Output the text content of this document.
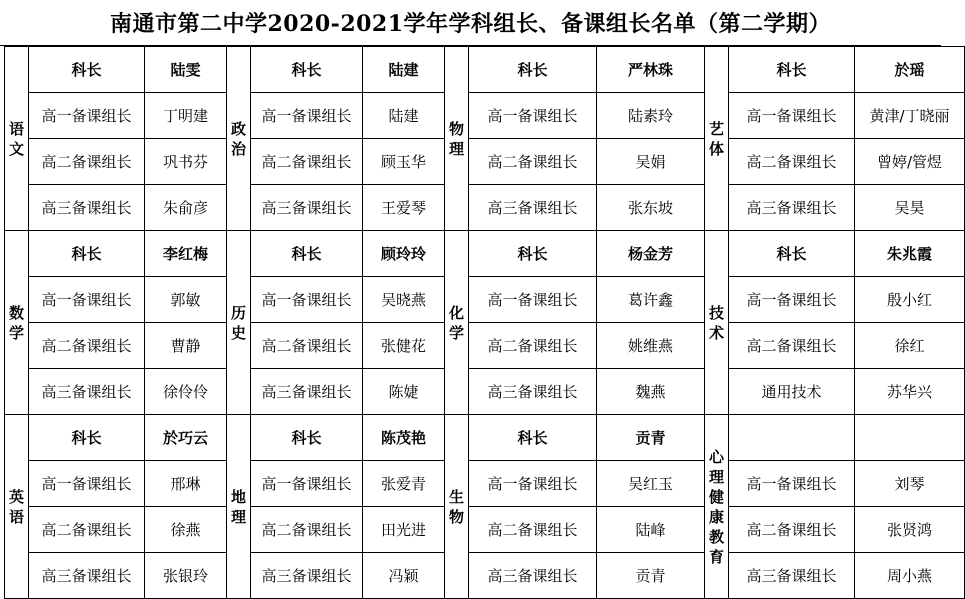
南通市第二中学2020-2021学年学科组长、备课组长名单（第二学期）
语文	科长	陆雯	政治	科长	陆建	物理	科长	严林珠	艺体	科长	於瑶
	高一备课组长	丁明建		高一备课组长	陆建		高一备课组长	陆素玲		高一备课组长	黄津/丁晓丽
	高二备课组长	巩书芬		高二备课组长	顾玉华		高二备课组长	吴娟		高二备课组长	曾婷/管煜
	高三备课组长	朱俞彦		高三备课组长	王爱琴		高三备课组长	张东坡		高三备课组长	吴昊
数学	科长	李红梅	历史	科长	顾玲玲	化学	科长	杨金芳	技术	科长	朱兆霞
	高一备课组长	郭敏		高一备课组长	吴晓燕		高一备课组长	葛许鑫		高一备课组长	殷小红
	高二备课组长	曹静		高二备课组长	张健花		高二备课组长	姚维燕		高二备课组长	徐红
	高三备课组长	徐伶伶		高三备课组长	陈婕		高三备课组长	魏燕		通用技术	苏华兴
英语	科长	於巧云	地理	科长	陈茂艳	生物	科长	贡青	心理健康教育		
	高一备课组长	邢琳		高一备课组长	张爱青		高一备课组长	吴红玉		高一备课组长	刘琴
	高二备课组长	徐燕		高二备课组长	田光进		高二备课组长	陆峰		高二备课组长	张贤鸿
	高三备课组长	张银玲		高三备课组长	冯颖		高三备课组长	贡青		高三备课组长	周小燕
